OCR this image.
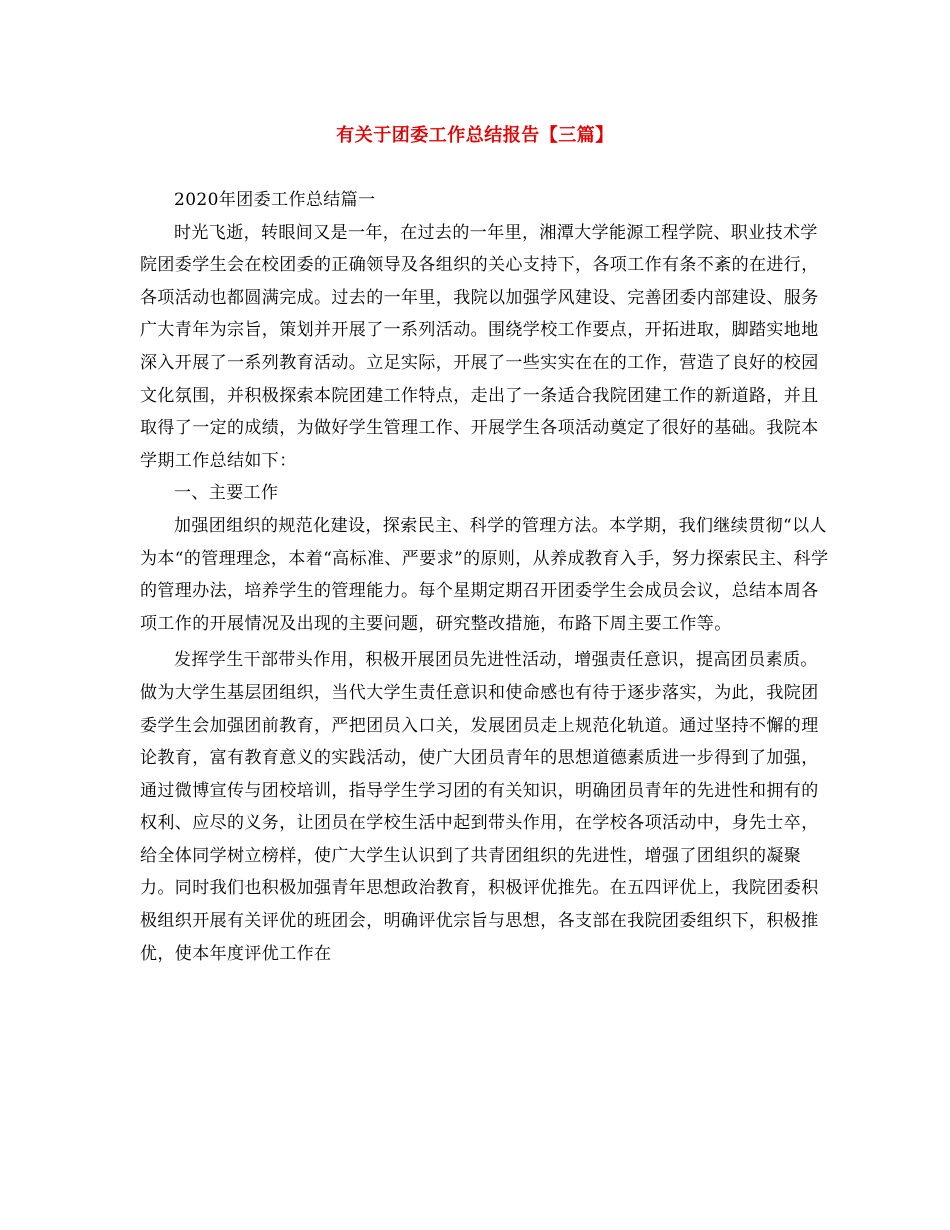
有关于团委工作总结报告【三篇】

2020年团委工作总结篇一

时光飞逝，转眼间又是一年，在过去的一年里，湘潭大学能源工程学院、职业技术学院团委学生会在校团委的正确领导及各组织的关心支持下，各项工作有条不紊的在进行，各项活动也都圆满完成。过去的一年里，我院以加强学风建设、完善团委内部建设、服务广大青年为宗旨，策划并开展了一系列活动。围绕学校工作要点，开拓进取，脚踏实地地深入开展了一系列教育活动。立足实际，开展了一些实实在在的工作，营造了良好的校园文化氛围，并积极探索本院团建工作特点，走出了一条适合我院团建工作的新道路，并且取得了一定的成绩，为做好学生管理工作、开展学生各项活动奠定了很好的基础。我院本学期工作总结如下：

一、主要工作

加强团组织的规范化建设，探索民主、科学的管理方法。本学期，我们继续贯彻“以人为本“的管理理念，本着“高标准、严要求”的原则，从养成教育入手，努力探索民主、科学的管理办法，培养学生的管理能力。每个星期定期召开团委学生会成员会议，总结本周各项工作的开展情况及出现的主要问题，研究整改措施，布路下周主要工作等。

发挥学生干部带头作用，积极开展团员先进性活动，增强责任意识，提高团员素质。做为大学生基层团组织，当代大学生责任意识和使命感也有待于逐步落实，为此，我院团委学生会加强团前教育，严把团员入口关，发展团员走上规范化轨道。通过坚持不懈的理论教育，富有教育意义的实践活动，使广大团员青年的思想道德素质进一步得到了加强，通过微博宣传与团校培训，指导学生学习团的有关知识，明确团员青年的先进性和拥有的权利、应尽的义务，让团员在学校生活中起到带头作用，在学校各项活动中，身先士卒，给全体同学树立榜样，使广大学生认识到了共青团组织的先进性，增强了团组织的凝聚力。同时我们也积极加强青年思想政治教育，积极评优推先。在五四评优上，我院团委积极组织开展有关评优的班团会，明确评优宗旨与思想，各支部在我院团委组织下，积极推优，使本年度评优工作在
